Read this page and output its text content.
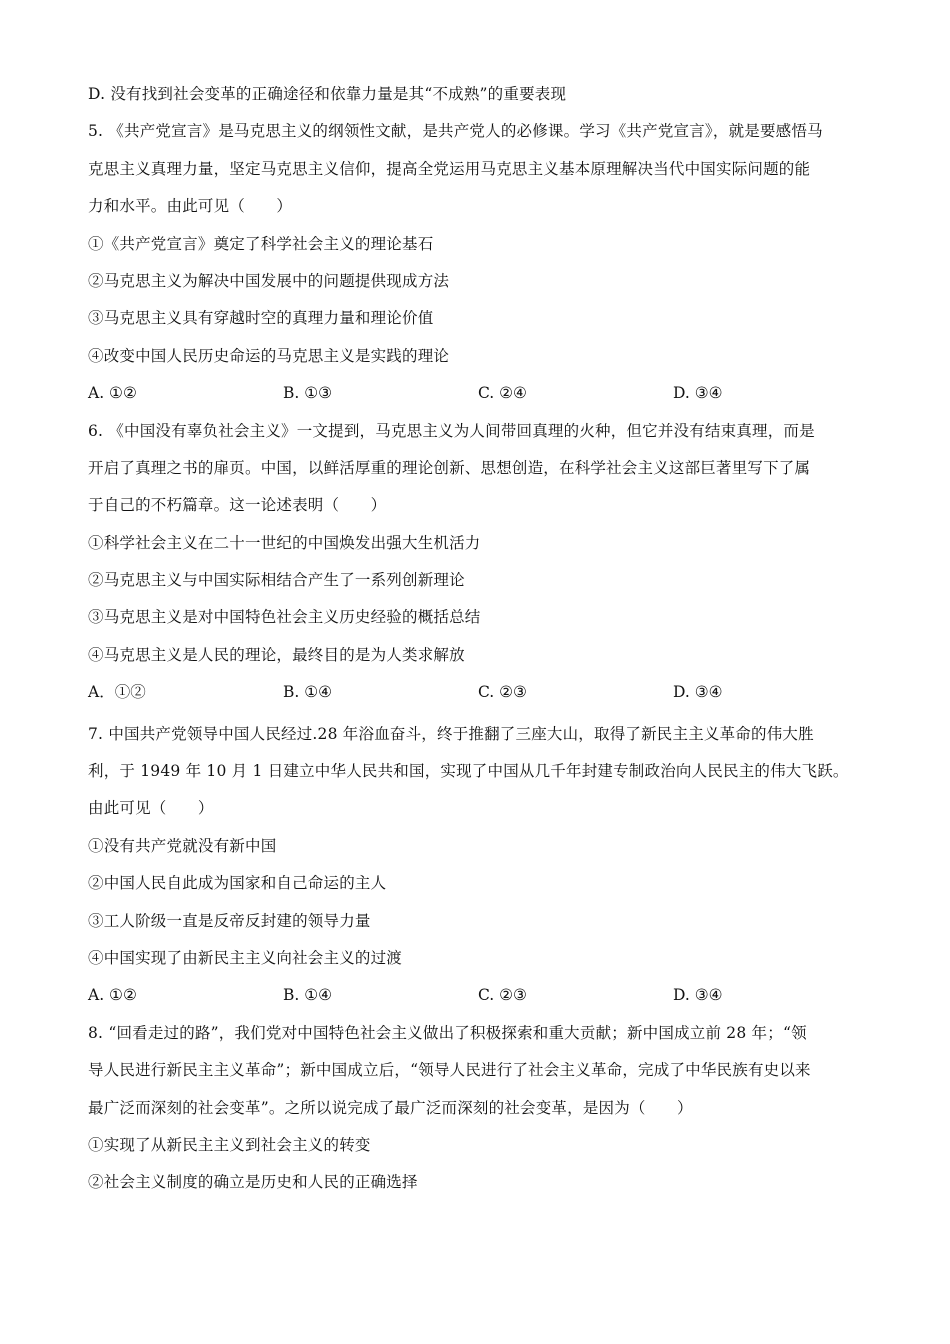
D. 没有找到社会变革的正确途径和依靠力量是其“不成熟”的重要表现
5. 《共产党宣言》是马克思主义的纲领性文献，是共产党人的必修课。学习《共产党宣言》，就是要感悟马
克思主义真理力量，坚定马克思主义信仰，提高全党运用马克思主义基本原理解决当代中国实际问题的能
力和水平。由此可见（　　）
①《共产党宣言》奠定了科学社会主义的理论基石
②马克思主义为解决中国发展中的问题提供现成方法
③马克思主义具有穿越时空的真理力量和理论价值
④改变中国人民历史命运的马克思主义是实践的理论
A. ①②	B. ①③	C. ②④	D. ③④
6. 《中国没有辜负社会主义》一文提到，马克思主义为人间带回真理的火种，但它并没有结束真理，而是
开启了真理之书的扉页。中国，以鲜活厚重的理论创新、思想创造，在科学社会主义这部巨著里写下了属
于自己的不朽篇章。这一论述表明（　　）
①科学社会主义在二十一世纪的中国焕发出强大生机活力
②马克思主义与中国实际相结合产生了一系列创新理论
③马克思主义是对中国特色社会主义历史经验的概括总结
④马克思主义是人民的理论，最终目的是为人类求解放
A．①②	B. ①④	C. ②③	D. ③④
7. 中国共产党领导中国人民经过.28 年浴血奋斗，终于推翻了三座大山，取得了新民主主义革命的伟大胜
利，于 1949 年 10 月 1 日建立中华人民共和国，实现了中国从几千年封建专制政治向人民民主的伟大飞跃。
由此可见（　　）
①没有共产党就没有新中国
②中国人民自此成为国家和自己命运的主人
③工人阶级一直是反帝反封建的领导力量
④中国实现了由新民主主义向社会主义的过渡
A. ①②	B. ①④	C. ②③	D. ③④
8. “回看走过的路”，我们党对中国特色社会主义做出了积极探索和重大贡献；新中国成立前 28 年；“领
导人民进行新民主主义革命”；新中国成立后，“领导人民进行了社会主义革命，完成了中华民族有史以来
最广泛而深刻的社会变革”。之所以说完成了最广泛而深刻的社会变革，是因为（　　）
①实现了从新民主主义到社会主义的转变
②社会主义制度的确立是历史和人民的正确选择
